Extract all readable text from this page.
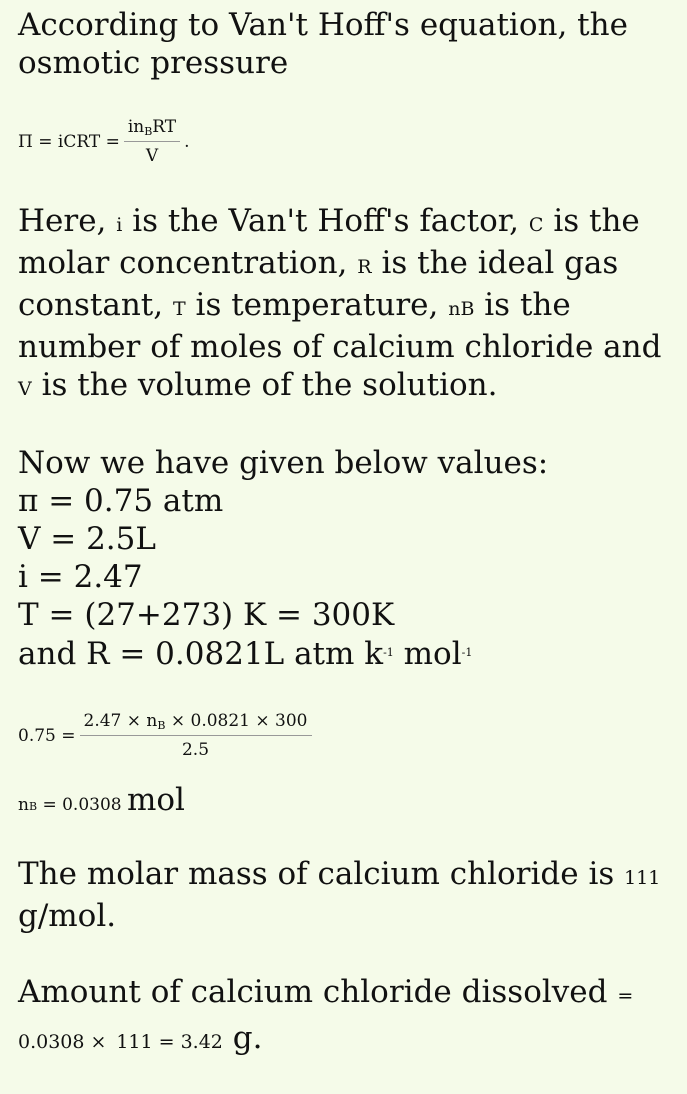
According to Van't Hoff's equation, the osmotic pressure

Π = iCRT = $\frac{in_BRT}{V}$ .

Here, i is the Van't Hoff's factor, C is the molar concentration, R is the ideal gas constant, T is temperature, nB is the number of moles of calcium chloride and V is the volume of the solution.

Now we have given below values:

π = 0.75 atm

V = 2.5L

i = 2.47

T = (27+273) K = 300K

and R = 0.0821L atm $k^{-1}$ mol$^{-1}$

$0.75 = \frac{2.47 \times n_B \times 0.0821 \times 300}{2.5}$
n B
= 0.0308
mol

The molar mass of calcium chloride is 111 g/mol.

Amount of calcium chloride dissolved = 0.0308 × 111 = 3.42 g.
